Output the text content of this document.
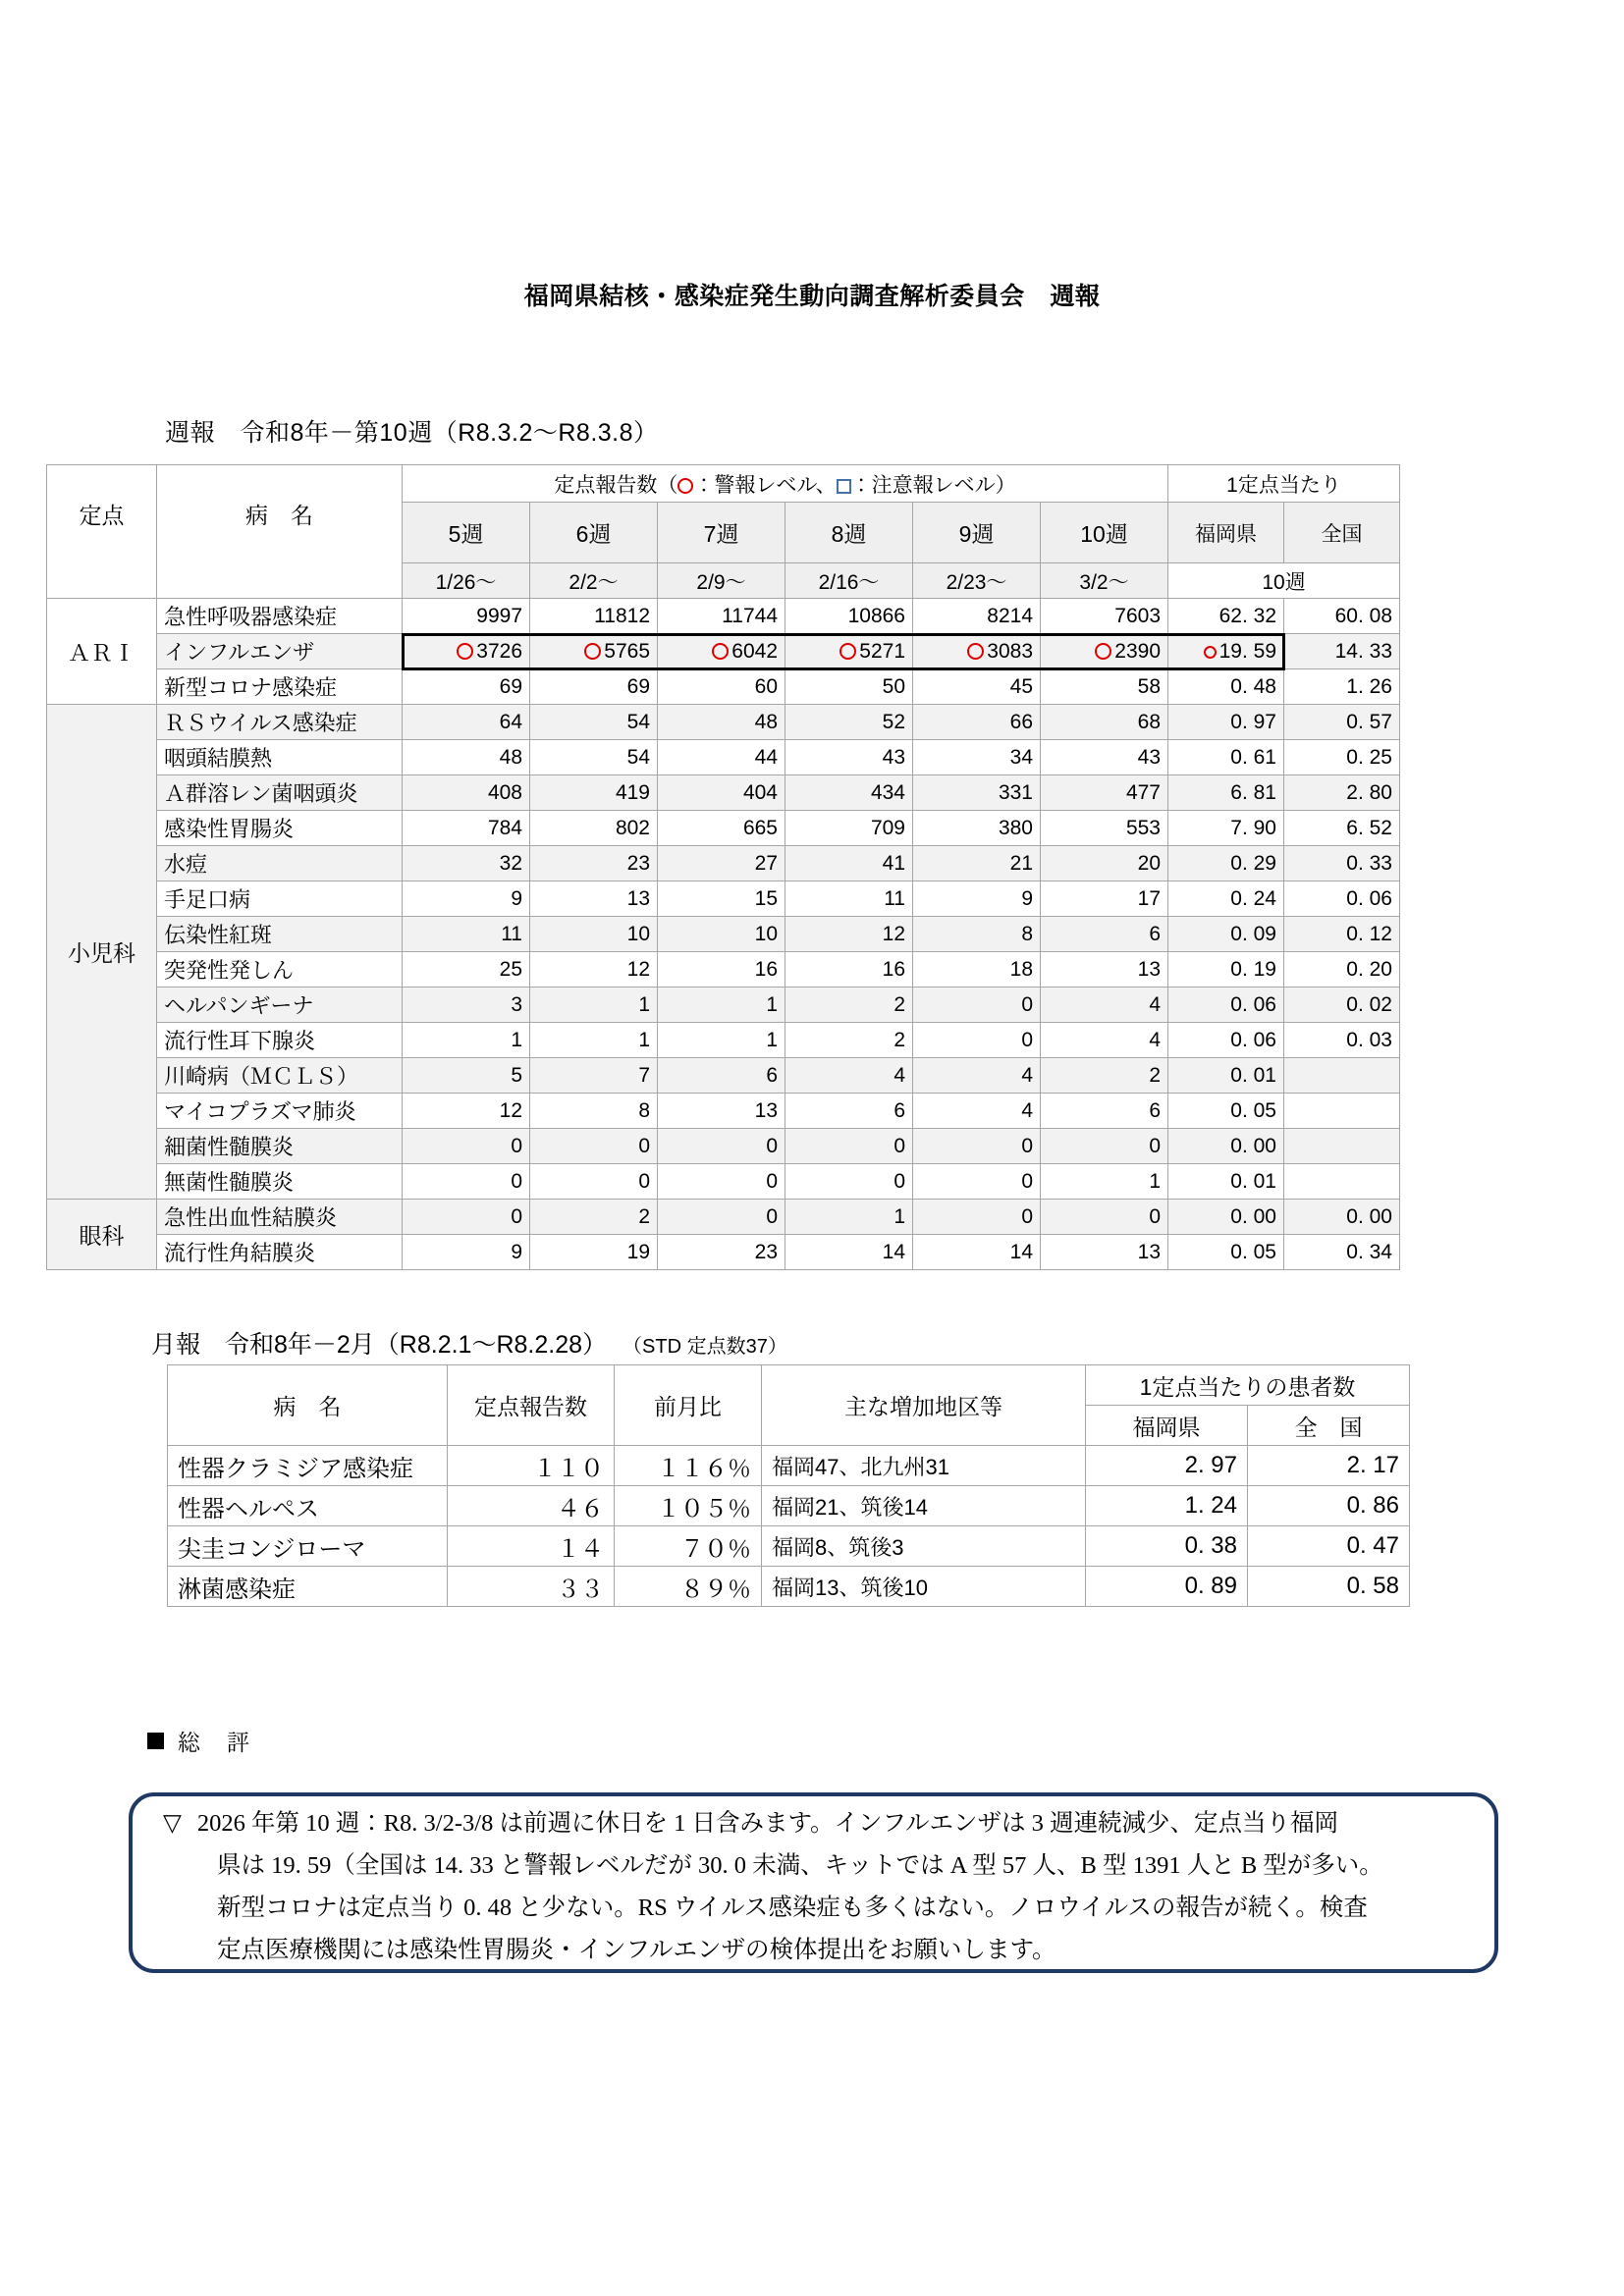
福岡県結核・感染症発生動向調査解析委員会　週報
週報　令和8年－第10週（R8.3.2～R8.3.8）
定点	病　名	定点報告数（ ：警報レベル、 ：注意報レベル）						1定点当たり	
		5週	6週	7週	8週	9週	10週	福岡県	全国
		1/26～	2/2～	2/9～	2/16～	2/23～	3/2～	10週	
ＡＲＩ	急性呼吸器感染症	9997	11812	11744	10866	8214	7603	62. 32	60. 08
	インフルエンザ	3726	5765	6042	5271	3083	2390	19. 59	14. 33
	新型コロナ感染症	69	69	60	50	45	58	0. 48	1. 26
小児科	ＲＳウイルス感染症	64	54	48	52	66	68	0. 97	0. 57
	咽頭結膜熱	48	54	44	43	34	43	0. 61	0. 25
	Ａ群溶レン菌咽頭炎	408	419	404	434	331	477	6. 81	2. 80
	感染性胃腸炎	784	802	665	709	380	553	7. 90	6. 52
	水痘	32	23	27	41	21	20	0. 29	0. 33
	手足口病	9	13	15	11	9	17	0. 24	0. 06
	伝染性紅斑	11	10	10	12	8	6	0. 09	0. 12
	突発性発しん	25	12	16	16	18	13	0. 19	0. 20
	ヘルパンギーナ	3	1	1	2	0	4	0. 06	0. 02
	流行性耳下腺炎	1	1	1	2	0	4	0. 06	0. 03
	川崎病（ＭＣＬＳ）	5	7	6	4	4	2	0. 01	
	マイコプラズマ肺炎	12	8	13	6	4	6	0. 05	
	細菌性髄膜炎	0	0	0	0	0	0	0. 00	
	無菌性髄膜炎	0	0	0	0	0	1	0. 01	
眼科	急性出血性結膜炎	0	2	0	1	0	0	0. 00	0. 00
	流行性角結膜炎	9	19	23	14	14	13	0. 05	0. 34
月報　令和8年－2月（R8.2.1～R8.2.28） （STD 定点数37）
病　名	定点報告数	前月比	主な増加地区等	1定点当たりの患者数	
				福岡県	全　国
性器クラミジア感染症	１１０	１１６％	福岡47、北九州31	2. 97	2. 17
性器ヘルペス	４６	１０５％	福岡21、筑後14	1. 24	0. 86
尖圭コンジローマ	１４	７０％	福岡8、筑後3	0. 38	0. 47
淋菌感染症	３３	８９％	福岡13、筑後10	0. 89	0. 58
総　評

▽ 2026 年第 10 週：R8. 3/2-3/8 は前週に休日を 1 日含みます。インフルエンザは 3 週連続減少、定点当り福岡

県は 19. 59（全国は 14. 33 と警報レベルだが 30. 0 未満、キットでは A 型 57 人、B 型 1391 人と B 型が多い。

新型コロナは定点当り 0. 48 と少ない。RS ウイルス感染症も多くはない。ノロウイルスの報告が続く。検査

定点医療機関には感染性胃腸炎・インフルエンザの検体提出をお願いします。
